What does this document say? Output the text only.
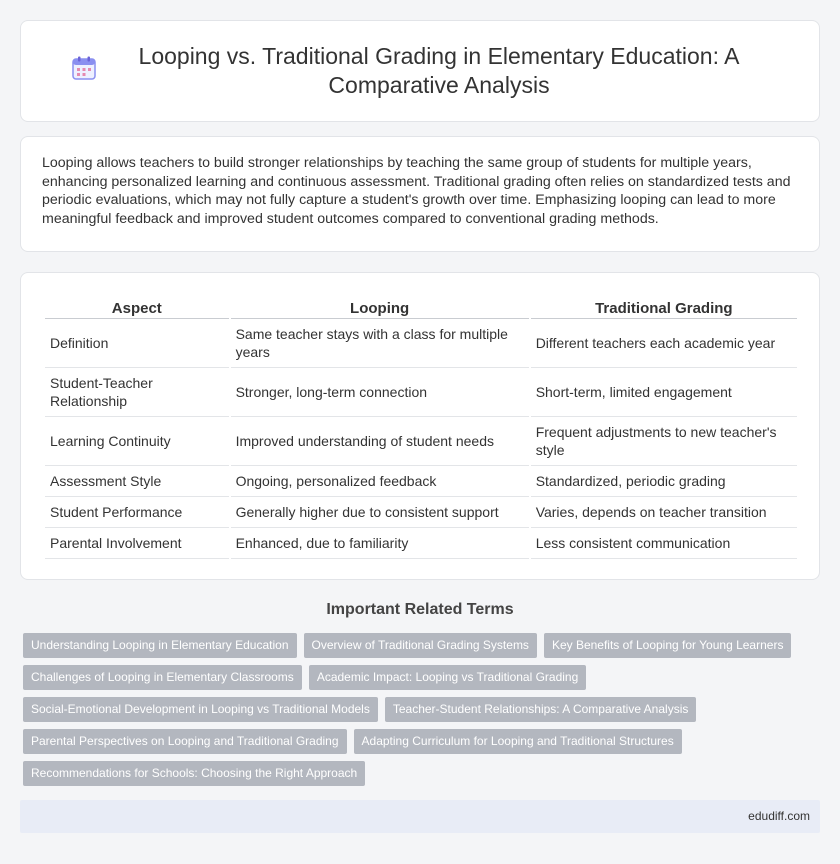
Looping vs. Traditional Grading in Elementary Education: A Comparative Analysis

Looping allows teachers to build stronger relationships by teaching the same group of students for multiple years, enhancing personalized learning and continuous assessment. Traditional grading often relies on standardized tests and periodic evaluations, which may not fully capture a student's growth over time. Emphasizing looping can lead to more meaningful feedback and improved student outcomes compared to conventional grading methods.

Aspect	Looping	Traditional Grading
Definition	Same teacher stays with a class for multiple years	Different teachers each academic year
Student-Teacher Relationship	Stronger, long-term connection	Short-term, limited engagement
Learning Continuity	Improved understanding of student needs	Frequent adjustments to new teacher's style
Assessment Style	Ongoing, personalized feedback	Standardized, periodic grading
Student Performance	Generally higher due to consistent support	Varies, depends on teacher transition
Parental Involvement	Enhanced, due to familiarity	Less consistent communication
Important Related Terms
Understanding Looping in Elementary Education	Overview of Traditional Grading Systems	Key Benefits of Looping for Young Learners
Challenges of Looping in Elementary Classrooms	Academic Impact: Looping vs Traditional Grading
Social-Emotional Development in Looping vs Traditional Models	Teacher-Student Relationships: A Comparative Analysis
Parental Perspectives on Looping and Traditional Grading	Adapting Curriculum for Looping and Traditional Structures
Recommendations for Schools: Choosing the Right Approach
edudiff.com
